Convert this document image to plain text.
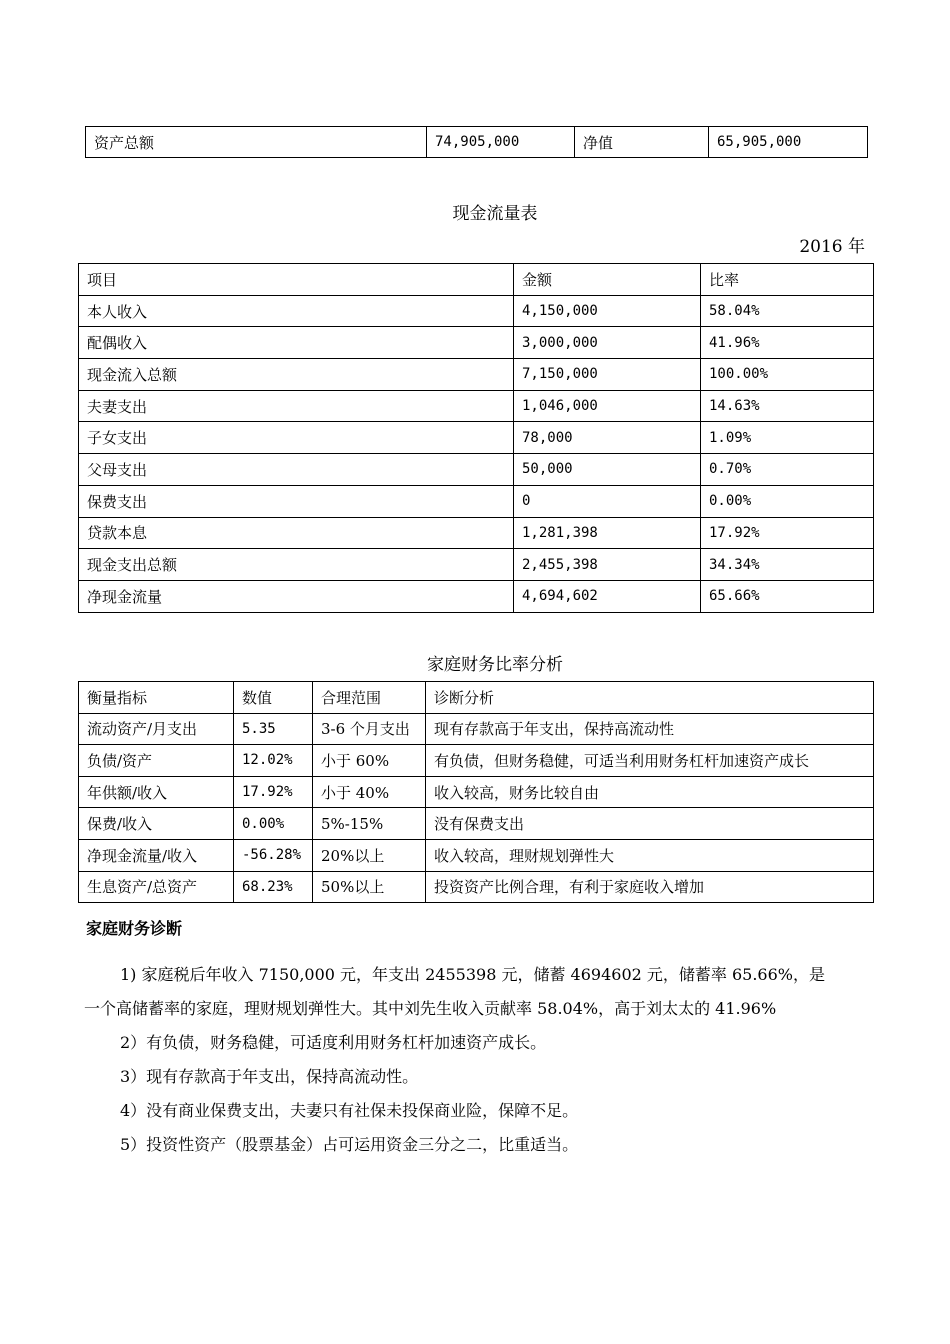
资产总额	74,905,000	净值	65,905,000
现金流量表
2016 年
项目	金额	比率
本人收入	4,150,000	58.04%
配偶收入	3,000,000	41.96%
现金流入总额	7,150,000	100.00%
夫妻支出	1,046,000	14.63%
子女支出	78,000	1.09%
父母支出	50,000	0.70%
保费支出	0	0.00%
贷款本息	1,281,398	17.92%
现金支出总额	2,455,398	34.34%
净现金流量	4,694,602	65.66%
家庭财务比率分析
衡量指标	数值	合理范围	诊断分析
流动资产/月支出	5.35	3-6 个月支出	现有存款高于年支出，保持高流动性
负债/资产	12.02%	小于 60%	有负债，但财务稳健，可适当利用财务杠杆加速资产成长
年供额/收入	17.92%	小于 40%	收入较高，财务比较自由
保费/收入	0.00%	5%-15%	没有保费支出
净现金流量/收入	-56.28%	20%以上	收入较高，理财规划弹性大
生息资产/总资产	68.23%	50%以上	投资资产比例合理，有利于家庭收入增加
家庭财务诊断

1) 家庭税后年收入 7150,000 元，年支出 2455398 元，储蓄 4694602 元，储蓄率 65.66%，是

一个高储蓄率的家庭，理财规划弹性大。其中刘先生收入贡献率 58.04%，高于刘太太的 41.96%

2）有负债，财务稳健，可适度利用财务杠杆加速资产成长。

3）现有存款高于年支出，保持高流动性。

4）没有商业保费支出，夫妻只有社保未投保商业险，保障不足。

5）投资性资产（股票基金）占可运用资金三分之二，比重适当。
